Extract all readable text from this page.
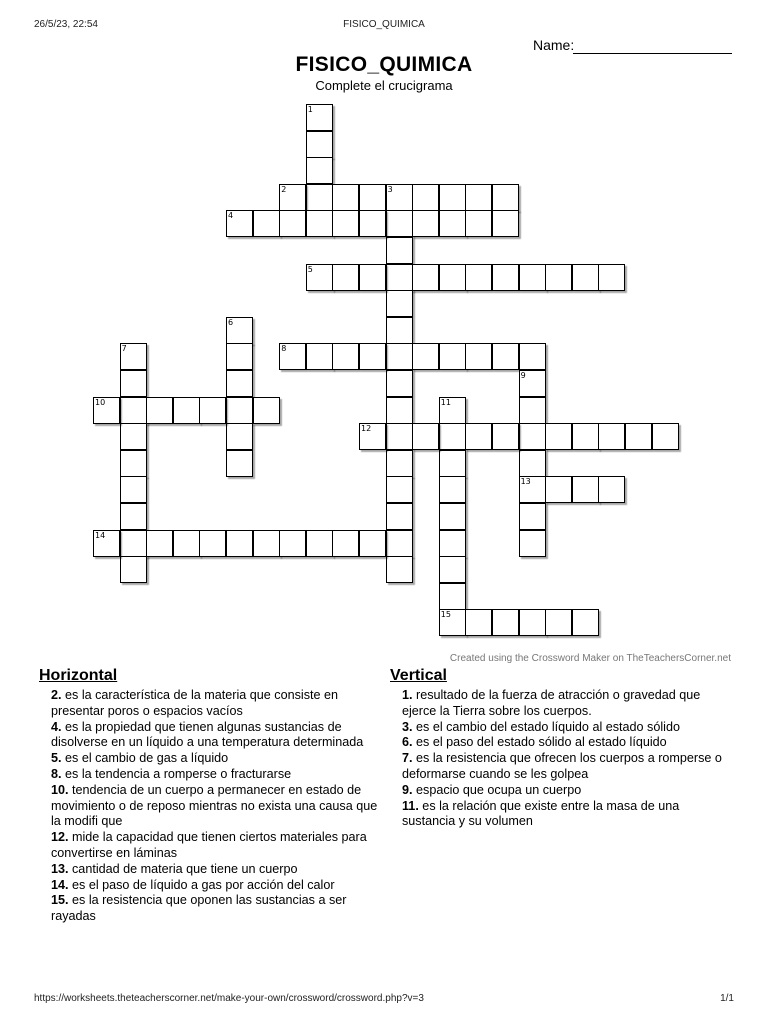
26/5/23, 22:54	FISICO_QUIMICA
Name:
FISICO_QUIMICA
Complete el crucigrama
1
2	3
4
5
6
7	8
9
13
10	11
12
14
15
Created using the Crossword Maker on TheTeachersCorner.net
Horizontal
2. es la característica de la materia que consiste en presentar poros o espacios vacíos
4. es la propiedad que tienen algunas sustancias de disolverse en un líquido a una temperatura determinada
5. es el cambio de gas a líquido
8. es la tendencia a romperse o fracturarse
10. tendencia de un cuerpo a permanecer en estado de movimiento o de reposo mientras no exista una causa que la modifi que
12. mide la capacidad que tienen ciertos materiales para convertirse en láminas
13. cantidad de materia que tiene un cuerpo
14. es el paso de líquido a gas por acción del calor
15. es la resistencia que oponen las sustancias a ser rayadas
Vertical
1. resultado de la fuerza de atracción o gravedad que ejerce la Tierra sobre los cuerpos.
3. es el cambio del estado líquido al estado sólido
6. es el paso del estado sólido al estado líquido
7. es la resistencia que ofrecen los cuerpos a romperse o deformarse cuando se les golpea
9. espacio que ocupa un cuerpo
11. es la relación que existe entre la masa de una sustancia y su volumen
https://worksheets.theteacherscorner.net/make-your-own/crossword/crossword.php?v=3	1/1
